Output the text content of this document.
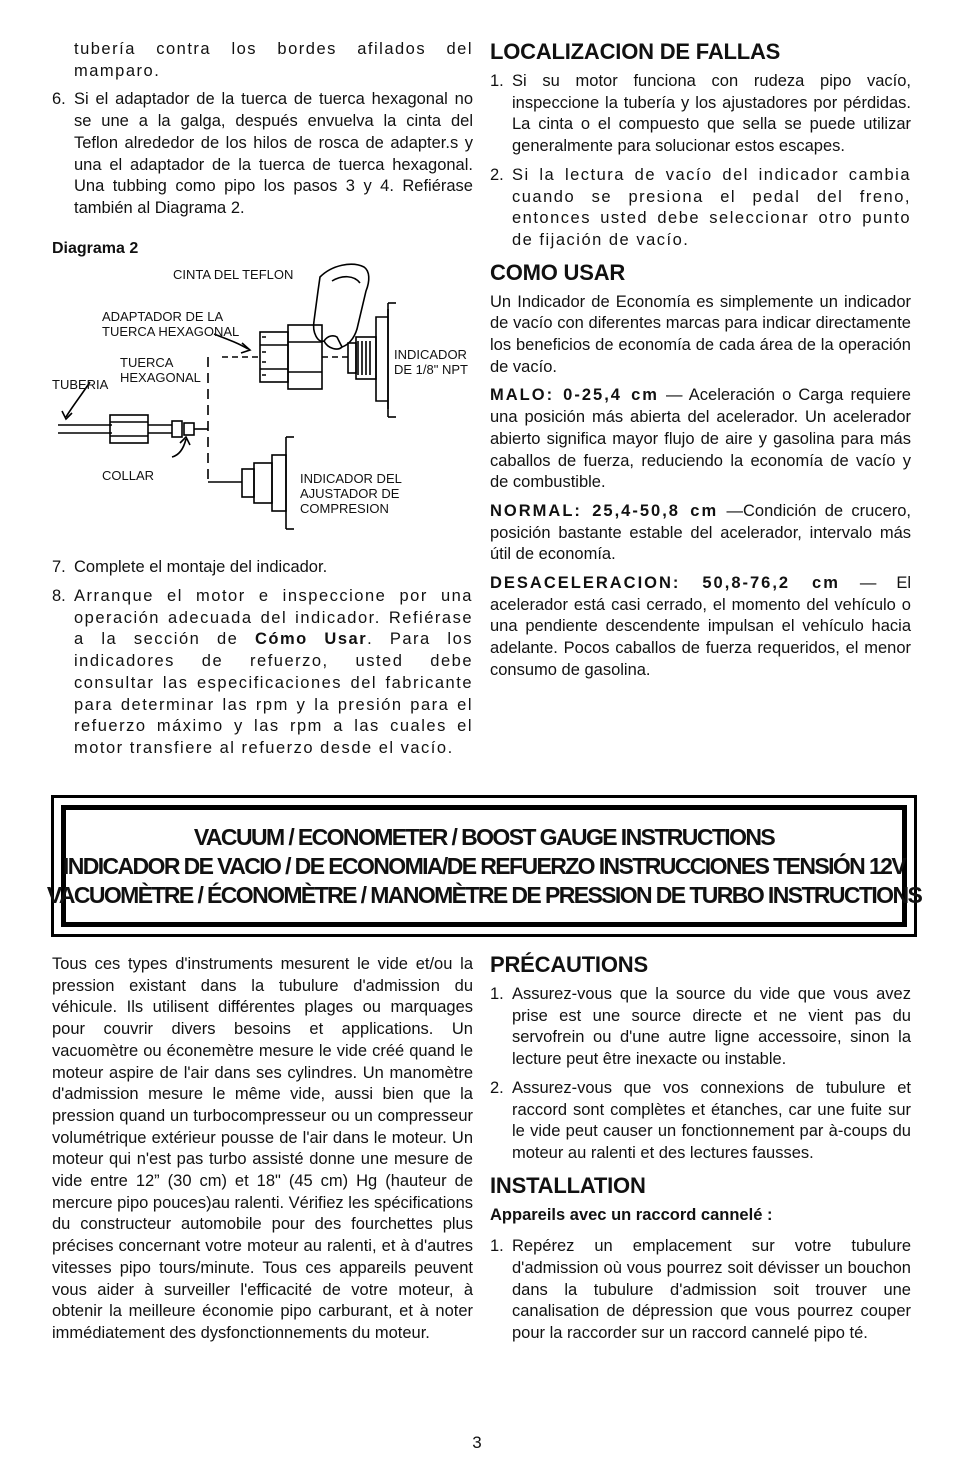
tubería contra los bordes afilados del mamparo.
6. Si el adaptador de la tuerca de tuerca hexagonal no se une a la galga, después envuelva la cinta del Teflon alrededor de los hilos de rosca de adapter.s y una el adaptador de la tuerca de tuerca hexagonal. Una tubbing como pipo los pasos 3 y 4. Refiérase también al Diagrama 2.
Diagrama 2
CINTA DEL TEFLON
ADAPTADOR DE LA TUERCA HEXAGONAL
TUERCA HEXAGONAL
TUBERIA
INDICADOR DE 1/8" NPT
COLLAR	INDICADOR DEL AJUSTADOR DE COMPRESION
7. Complete el montaje del indicador.
8. Arranque el motor e inspeccione por una operación adecuada del indicador. Refiérase a la sección de Cómo Usar. Para los indicadores de refuerzo, usted debe consultar las especificaciones del fabricante para determinar las rpm y la presión para el refuerzo máximo y las rpm a las cuales el motor transfiere al refuerzo desde el vacío.
LOCALIZACION DE FALLAS
1. Si su motor funciona con rudeza pipo vacío, inspeccione la tubería y los ajustadores por pérdidas. La cinta o el compuesto que sella se puede utilizar generalmente para solucionar estos escapes.
2. Si la lectura de vacío del indicador cambia cuando se presiona el pedal del freno, entonces usted debe seleccionar otro punto de fijación de vacío.
COMO USAR

Un Indicador de Economía es simplemente un indicador de vacío con diferentes marcas para indicar directamente los beneficios de economía de cada área de la operación de vacío.

MALO: 0-25,4 cm — Aceleración o Carga requiere una posición más abierta del acelerador. Un acelerador abierto significa mayor flujo de aire y gasolina para más caballos de fuerza, reduciendo la economía de vacío y de combustible.

NORMAL: 25,4-50,8 cm —Condición de crucero, posición bastante estable del acelerador, intervalo más útil de economía.

DESACELERACION: 50,8-76,2 cm — El acelerador está casi cerrado, el momento del vehículo o una pendiente descendente impulsan el vehículo hacia adelante. Pocos caballos de fuerza requeridos, el menor consumo de gasolina.

VACUUM / ECONOMETER / BOOST GAUGE INSTRUCTIONS
INDICADOR DE VACIO / DE ECONOMIA/DE REFUERZO INSTRUCCIONES TENSIÓN 12V
VACUOMÈTRE / ÉCONOMÈTRE / MANOMÈTRE DE PRESSION DE TURBO INSTRUCTIONS

Tous ces types d'instruments mesurent le vide et/ou la pression existant dans la tubulure d'admission du véhicule. Ils utilisent différentes plages ou marquages pour couvrir divers besoins et applications. Un vacuomètre ou éconemètre mesure le vide créé quand le moteur aspire de l'air dans ses cylindres. Un manomètre d'admission mesure le même vide, aussi bien que la pression quand un turbocompresseur ou un compresseur volumétrique extérieur pousse de l'air dans le moteur. Un moteur qui n'est pas turbo assisté donne une mesure de vide entre 12” (30 cm) et 18" (45 cm) Hg (hauteur de mercure pipo pouces)au ralenti. Vérifiez les spécifications du constructeur automobile pour des fourchettes plus précises concernant votre moteur au ralenti, et à d'autres vitesses pipo tours/minute. Tous ces appareils peuvent vous aider à surveiller l'efficacité de votre moteur, à obtenir la meilleure économie pipo carburant, et à noter immédiatement des dysfonctionnements du moteur.

PRÉCAUTIONS
1. Assurez-vous que la source du vide que vous avez prise est une source directe et ne vient pas du servofrein ou d'une autre ligne accessoire, sinon la lecture peut être inexacte ou instable.
2. Assurez-vous que vos connexions de tubulure et raccord sont complètes et étanches, car une fuite sur le vide peut causer un fonctionnement par à-coups du moteur au ralenti et des lectures fausses.
INSTALLATION
Appareils avec un raccord cannelé :
1. Repérez un emplacement sur votre tubulure d'admission où vous pourrez soit dévisser un bouchon dans la tubulure d'admission soit trouver une canalisation de dépression que vous pourrez couper pour la raccorder sur un raccord cannelé pipo té.
3
